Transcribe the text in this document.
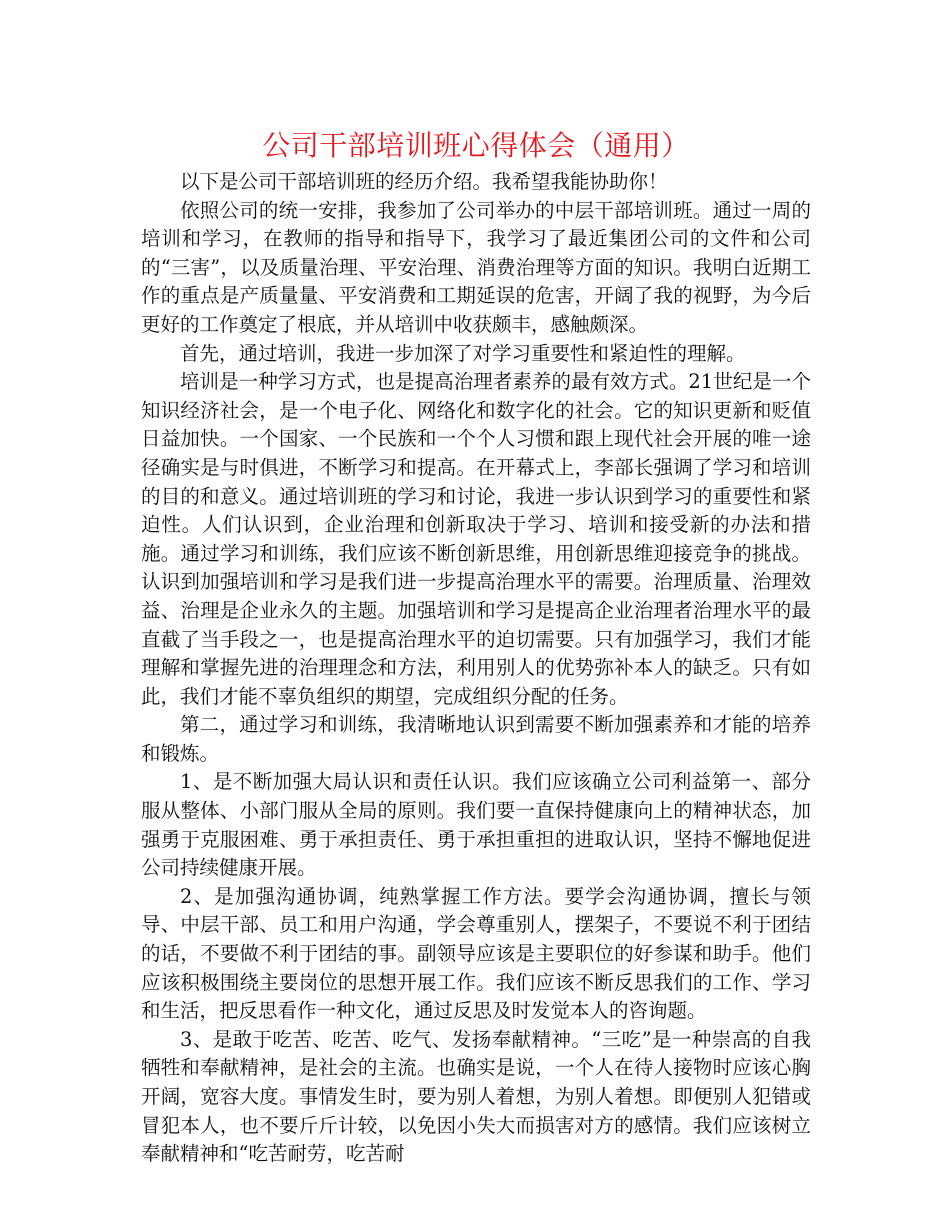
公司干部培训班心得体会（通用）

以下是公司干部培训班的经历介绍。我希望我能协助你！

依照公司的统一安排，我参加了公司举办的中层干部培训班。通过一周的培训和学习，在教师的指导和指导下，我学习了最近集团公司的文件和公司的“三害”，以及质量治理、平安治理、消费治理等方面的知识。我明白近期工作的重点是产质量量、平安消费和工期延误的危害，开阔了我的视野，为今后更好的工作奠定了根底，并从培训中收获颇丰，感触颇深。

首先，通过培训，我进一步加深了对学习重要性和紧迫性的理解。

培训是一种学习方式，也是提高治理者素养的最有效方式。21世纪是一个知识经济社会，是一个电子化、网络化和数字化的社会。它的知识更新和贬值日益加快。一个国家、一个民族和一个个人习惯和跟上现代社会开展的唯一途径确实是与时俱进，不断学习和提高。在开幕式上，李部长强调了学习和培训的目的和意义。通过培训班的学习和讨论，我进一步认识到学习的重要性和紧迫性。人们认识到，企业治理和创新取决于学习、培训和接受新的办法和措施。通过学习和训练，我们应该不断创新思维，用创新思维迎接竞争的挑战。认识到加强培训和学习是我们进一步提高治理水平的需要。治理质量、治理效益、治理是企业永久的主题。加强培训和学习是提高企业治理者治理水平的最直截了当手段之一，也是提高治理水平的迫切需要。只有加强学习，我们才能理解和掌握先进的治理理念和方法，利用别人的优势弥补本人的缺乏。只有如此，我们才能不辜负组织的期望，完成组织分配的任务。

第二，通过学习和训练，我清晰地认识到需要不断加强素养和才能的培养和锻炼。

1、是不断加强大局认识和责任认识。我们应该确立公司利益第一、部分服从整体、小部门服从全局的原则。我们要一直保持健康向上的精神状态，加强勇于克服困难、勇于承担责任、勇于承担重担的进取认识，坚持不懈地促进公司持续健康开展。

2、是加强沟通协调，纯熟掌握工作方法。要学会沟通协调，擅长与领导、中层干部、员工和用户沟通，学会尊重别人，摆架子，不要说不利于团结的话，不要做不利于团结的事。副领导应该是主要职位的好参谋和助手。他们应该积极围绕主要岗位的思想开展工作。我们应该不断反思我们的工作、学习和生活，把反思看作一种文化，通过反思及时发觉本人的咨询题。

3、是敢于吃苦、吃苦、吃气、发扬奉献精神。“三吃”是一种崇高的自我牺牲和奉献精神，是社会的主流。也确实是说，一个人在待人接物时应该心胸开阔，宽容大度。事情发生时，要为别人着想，为别人着想。即便别人犯错或冒犯本人，也不要斤斤计较，以免因小失大而损害对方的感情。我们应该树立奉献精神和“吃苦耐劳，吃苦耐
